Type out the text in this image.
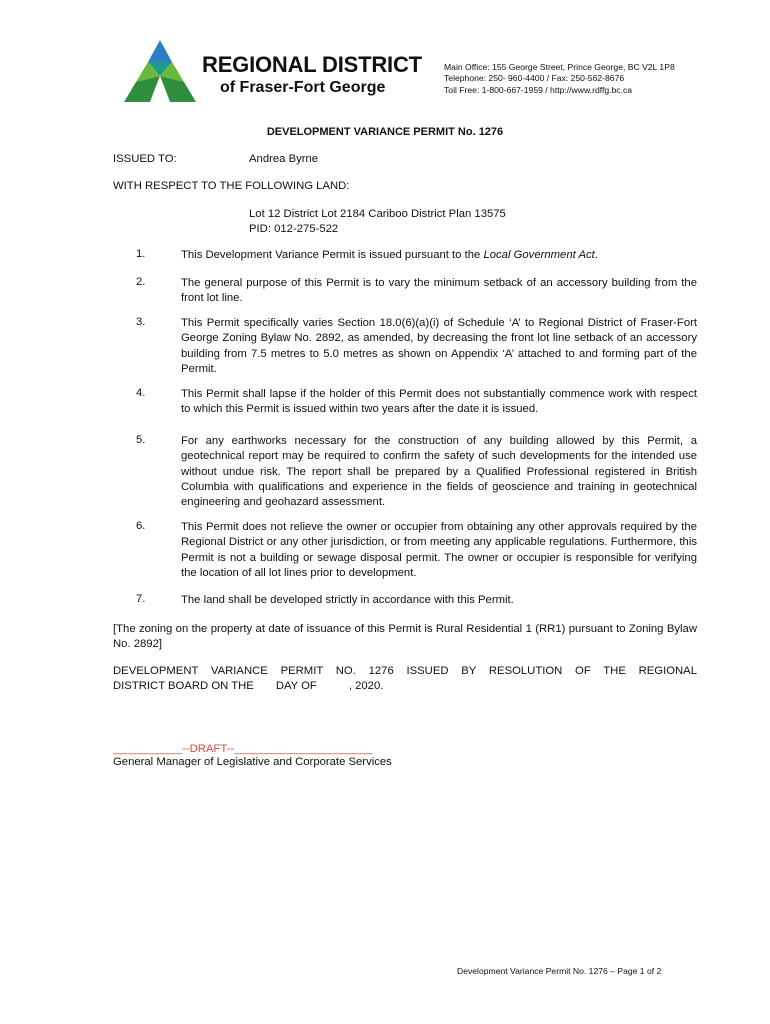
REGIONAL DISTRICT
of Fraser-Fort George
Main Office: 155 George Street, Prince George, BC V2L 1P8
Telephone: 250- 960-4400 / Fax: 250-562-8676
Toll Free: 1-800-667-1959 / http://www.rdffg.bc.ca
DEVELOPMENT VARIANCE PERMIT No. 1276
ISSUED TO:	Andrea Byrne
WITH RESPECT TO THE FOLLOWING LAND:
Lot 12 District Lot 2184 Cariboo District Plan 13575
PID: 012-275-522
1.	This Development Variance Permit is issued pursuant to the Local Government Act.
2.	The general purpose of this Permit is to vary the minimum setback of an accessory building from the front lot line.
3.	This Permit specifically varies Section 18.0(6)(a)(i) of Schedule ‘A’ to Regional District of Fraser-Fort George Zoning Bylaw No. 2892, as amended, by decreasing the front lot line setback of an accessory building from 7.5 metres to 5.0 metres as shown on Appendix ‘A’ attached to and forming part of the Permit.
4.	This Permit shall lapse if the holder of this Permit does not substantially commence work with respect to which this Permit is issued within two years after the date it is issued.
5.	For any earthworks necessary for the construction of any building allowed by this Permit, a geotechnical report may be required to confirm the safety of such developments for the intended use without undue risk. The report shall be prepared by a Qualified Professional registered in British Columbia with qualifications and experience in the fields of geoscience and training in geotechnical engineering and geohazard assessment.
6.	This Permit does not relieve the owner or occupier from obtaining any other approvals required by the Regional District or any other jurisdiction, or from meeting any applicable regulations. Furthermore, this Permit is not a building or sewage disposal permit. The owner or occupier is responsible for verifying the location of all lot lines prior to development.
7.	The land shall be developed strictly in accordance with this Permit.
[The zoning on the property at date of issuance of this Permit is Rural Residential 1 (RR1) pursuant to Zoning Bylaw No. 2892]
DEVELOPMENT VARIANCE PERMIT NO. 1276 ISSUED BY RESOLUTION OF THE REGIONAL
DISTRICT BOARD ON THE DAY OF	, 2020.
___________--DRAFT--______________________
General Manager of Legislative and Corporate Services
Development Variance Permit No. 1276 – Page 1 of 2
